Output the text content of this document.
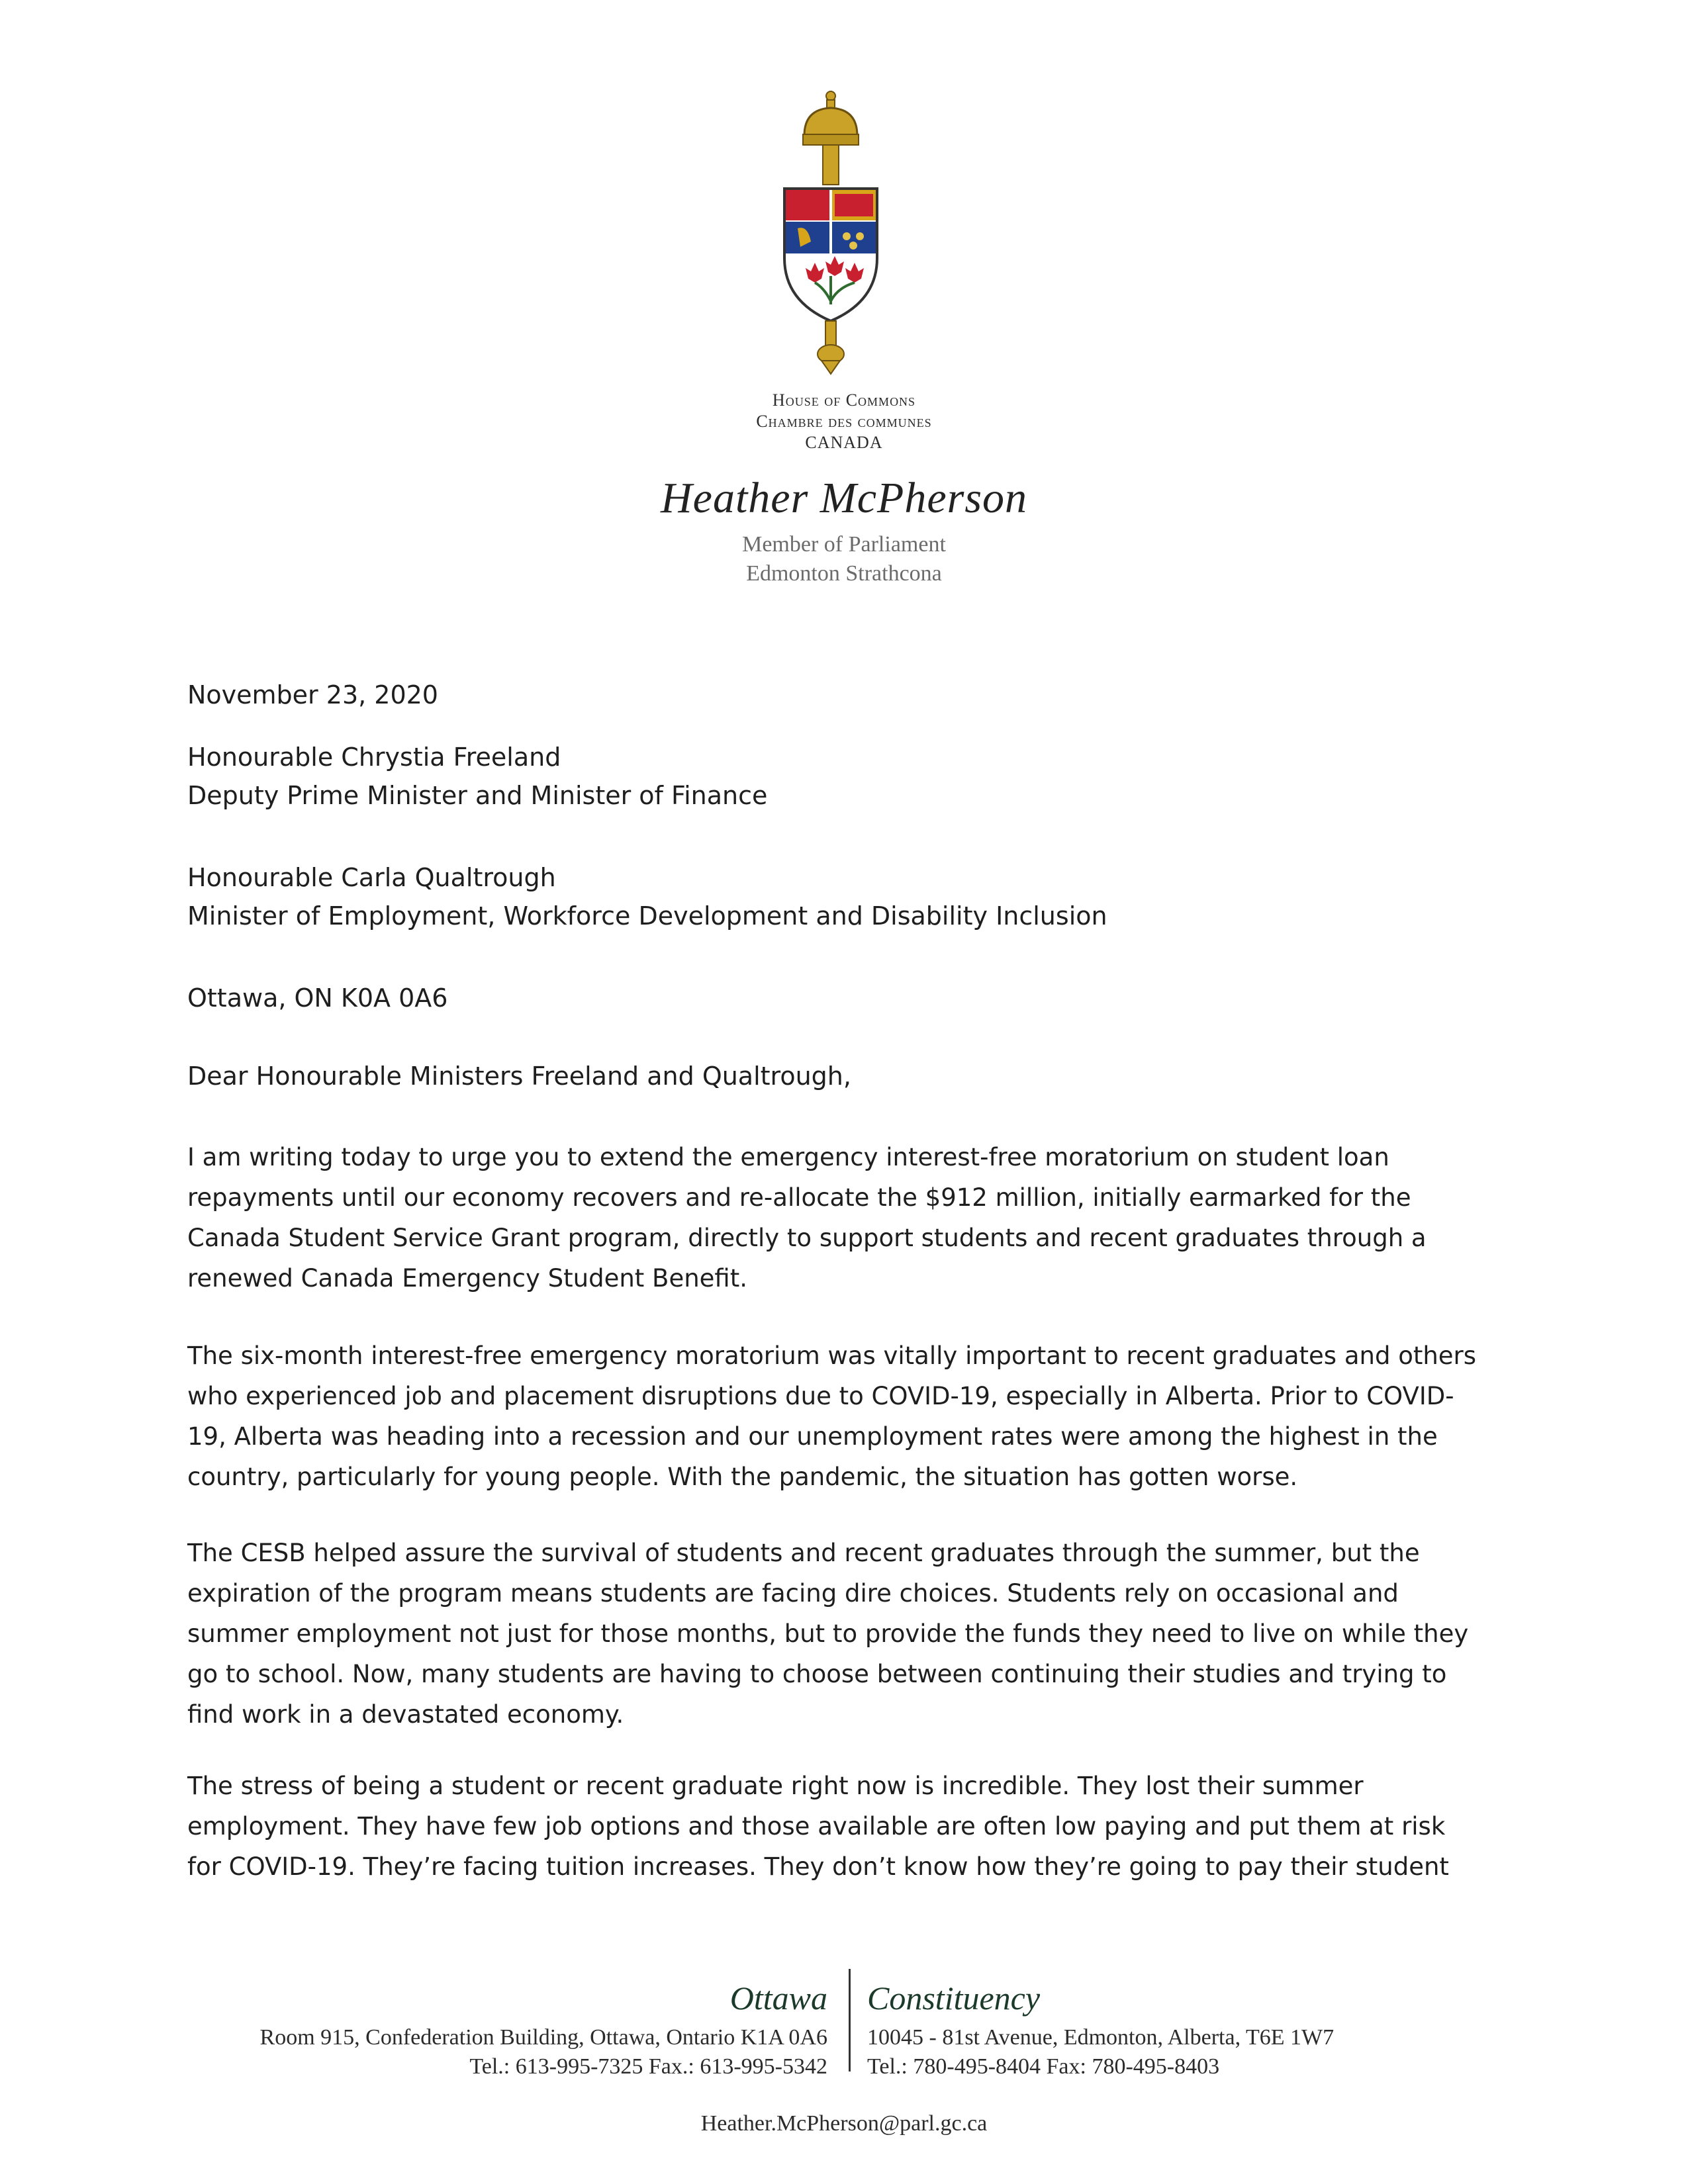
House of Commons
Chambre des communes
CANADA
Heather McPherson
Member of Parliament
Edmonton Strathcona
November 23, 2020
Honourable Chrystia Freeland
Deputy Prime Minister and Minister of Finance
Honourable Carla Qualtrough
Minister of Employment, Workforce Development and Disability Inclusion
Ottawa, ON K0A 0A6
Dear Honourable Ministers Freeland and Qualtrough,
I am writing today to urge you to extend the emergency interest-free moratorium on student loan repayments until our economy recovers and re-allocate the $912 million, initially earmarked for the Canada Student Service Grant program, directly to support students and recent graduates through a renewed Canada Emergency Student Benefit.
The six-month interest-free emergency moratorium was vitally important to recent graduates and others who experienced job and placement disruptions due to COVID-19, especially in Alberta. Prior to COVID-19, Alberta was heading into a recession and our unemployment rates were among the highest in the country, particularly for young people. With the pandemic, the situation has gotten worse.
The CESB helped assure the survival of students and recent graduates through the summer, but the expiration of the program means students are facing dire choices. Students rely on occasional and summer employment not just for those months, but to provide the funds they need to live on while they go to school. Now, many students are having to choose between continuing their studies and trying to find work in a devastated economy.
The stress of being a student or recent graduate right now is incredible. They lost their summer employment. They have few job options and those available are often low paying and put them at risk for COVID-19. They’re facing tuition increases. They don’t know how they’re going to pay their student
Ottawa Constituency
Room 915, Confederation Building, Ottawa, Ontario K1A 0A6
Tel.: 613-995-7325 Fax.: 613-995-5342
10045 - 81st Avenue, Edmonton, Alberta, T6E 1W7
Tel.: 780-495-8404 Fax: 780-495-8403
Heather.McPherson@parl.gc.ca
